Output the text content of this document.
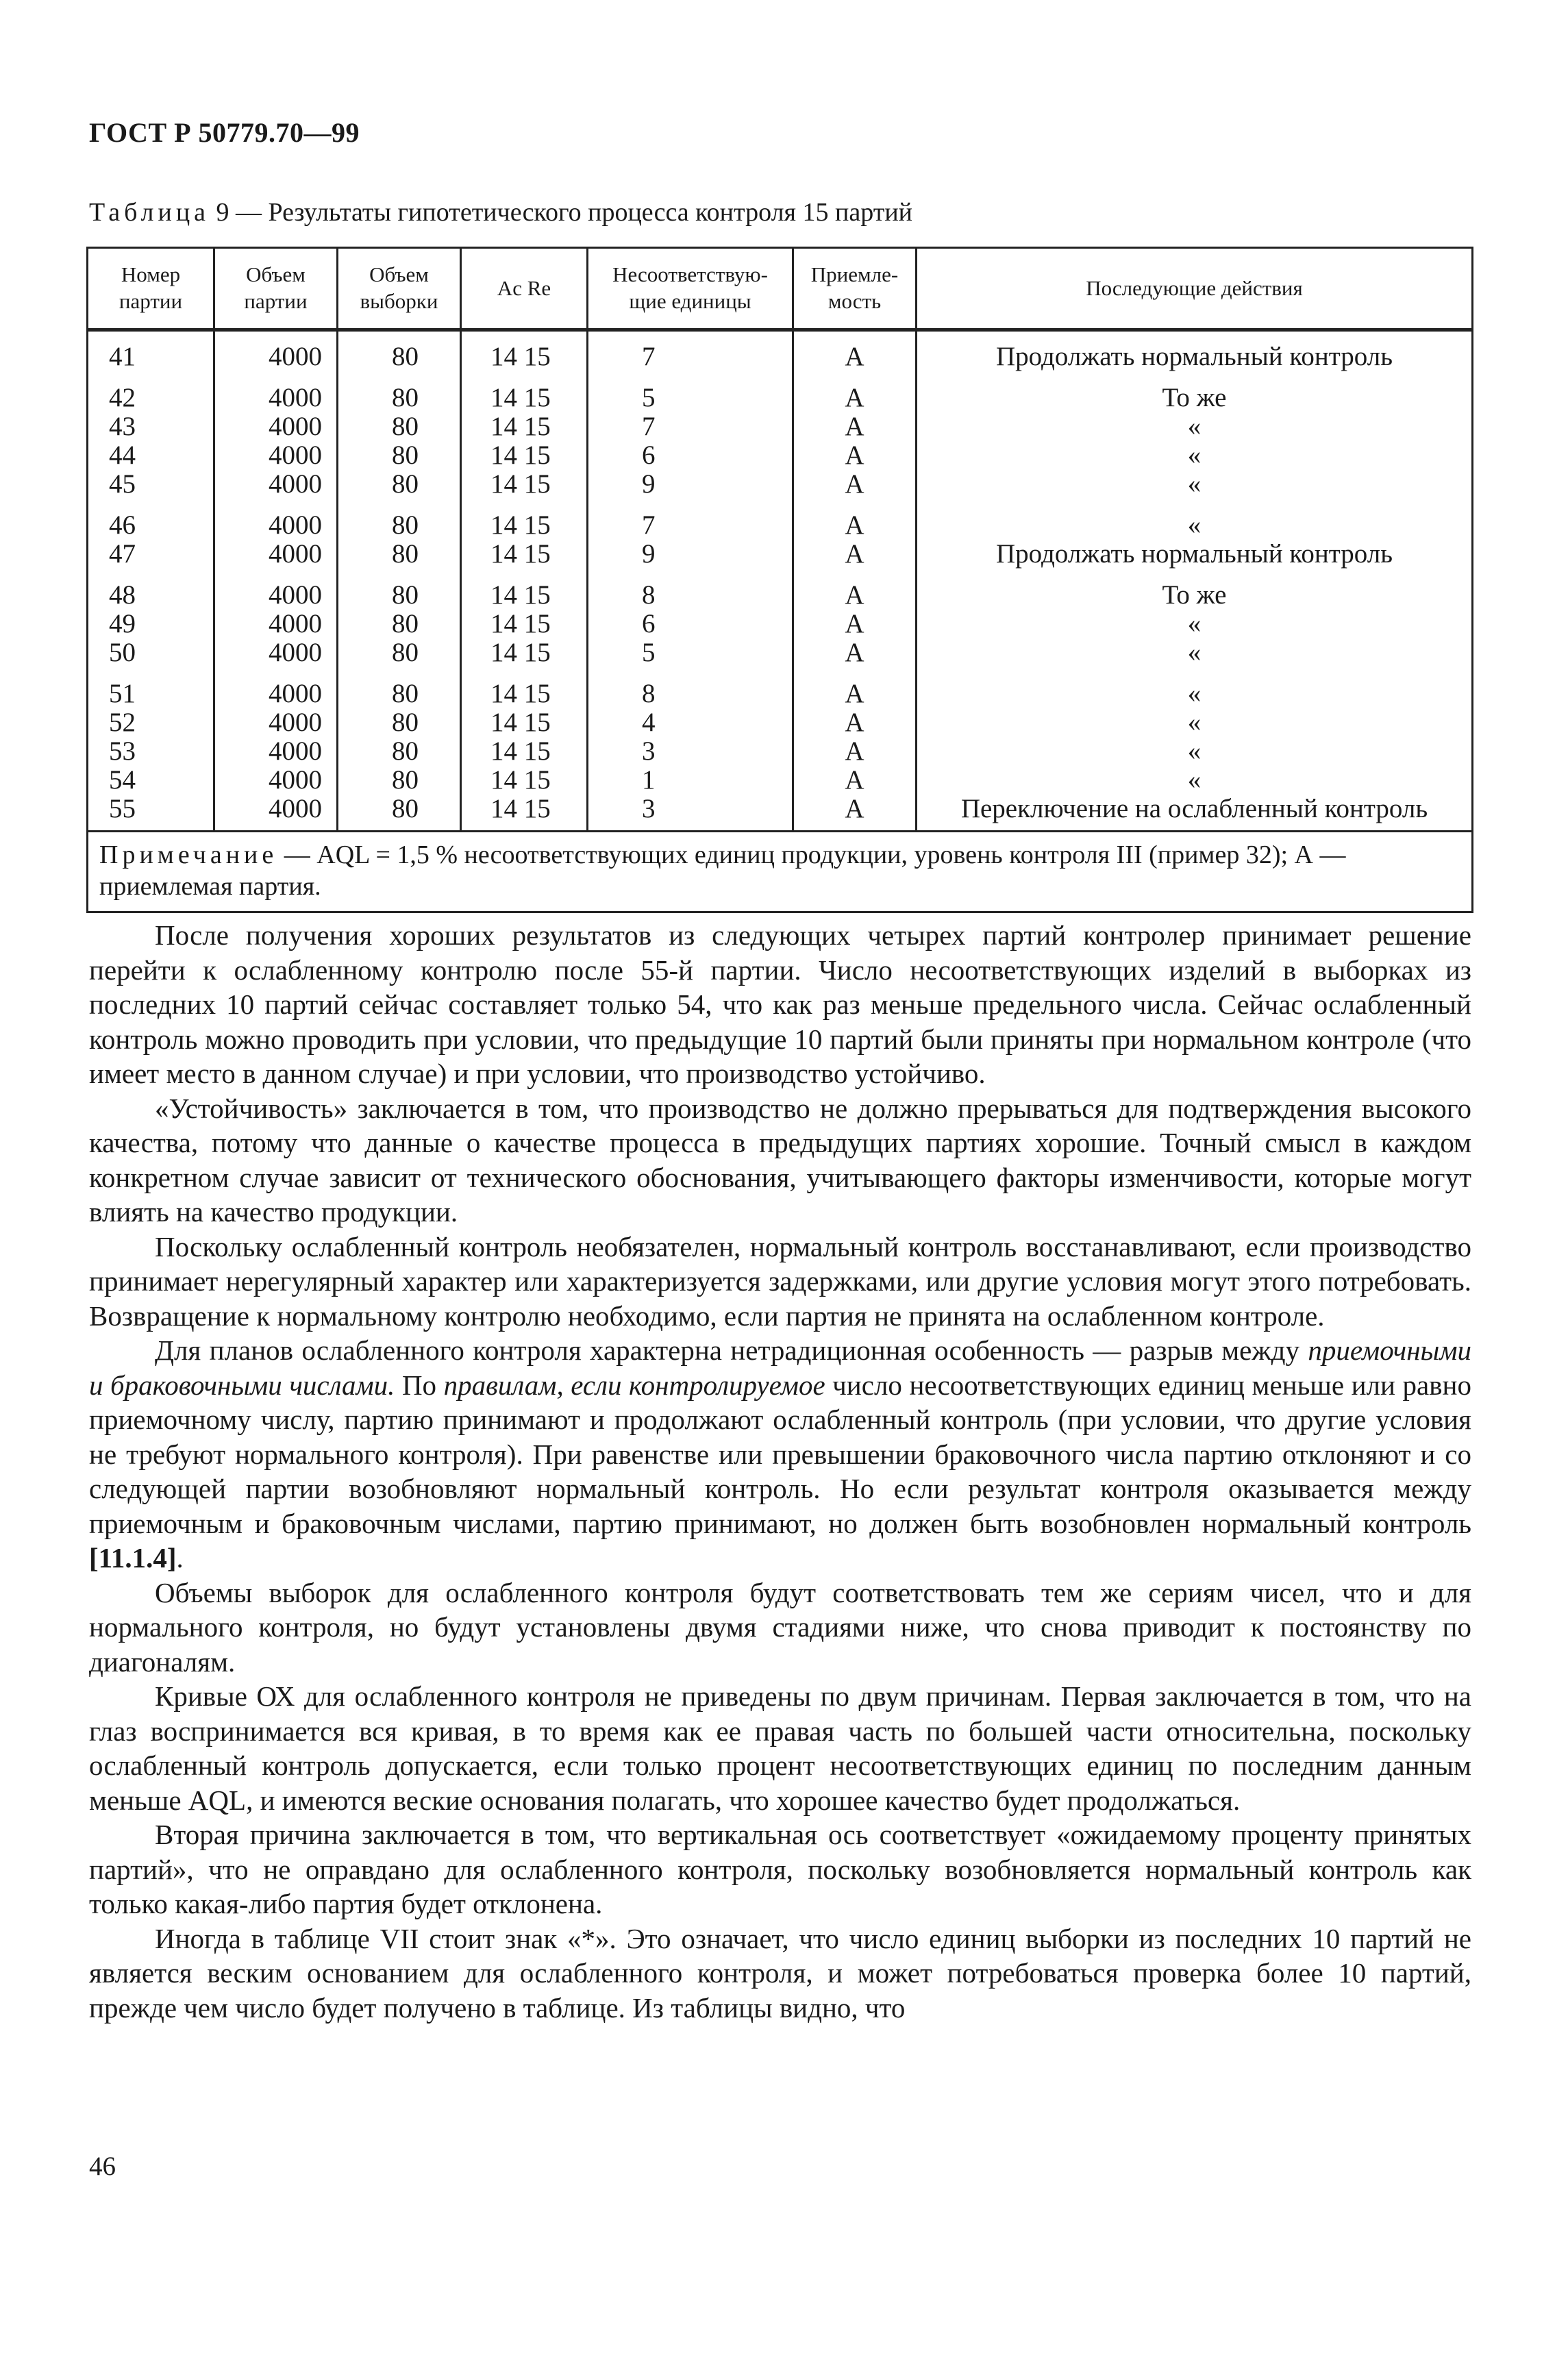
ГОСТ Р 50779.70—99
Таблица 9 — Результаты гипотетического процесса контроля 15 партий
Номер партии	Объем партии	Объем выборки	Ac Re	Несоответствую-щие единицы	Приемле-мость	Последующие действия
41	4000	80	14 15	7	A	Продолжать нормальный контроль
42	4000	80	14 15	5	A	То же
43	4000	80	14 15	7	A	«
44	4000	80	14 15	6	A	«
45	4000	80	14 15	9	A	«
46	4000	80	14 15	7	A	«
47	4000	80	14 15	9	A	Продолжать нормальный контроль
48	4000	80	14 15	8	A	То же
49	4000	80	14 15	6	A	«
50	4000	80	14 15	5	A	«
51	4000	80	14 15	8	A	«
52	4000	80	14 15	4	A	«
53	4000	80	14 15	3	A	«
54	4000	80	14 15	1	A	«
55	4000	80	14 15	3	A	Переключение на ослабленный контроль
Примечание — AQL = 1,5 % несоответствующих единиц продукции, уровень контроля III (пример 32); А — приемлемая партия.						

После получения хороших результатов из следующих четырех партий контролер принимает решение перейти к ослабленному контролю после 55-й партии. Число несоответствующих изделий в выборках из последних 10 партий сейчас составляет только 54, что как раз меньше предельного числа. Сейчас ослабленный контроль можно проводить при условии, что предыдущие 10 партий были приняты при нормальном контроле (что имеет место в данном случае) и при условии, что производство устойчиво.

«Устойчивость» заключается в том, что производство не должно прерываться для подтверждения высокого качества, потому что данные о качестве процесса в предыдущих партиях хорошие. Точный смысл в каждом конкретном случае зависит от технического обоснования, учитывающего факторы изменчивости, которые могут влиять на качество продукции.

Поскольку ослабленный контроль необязателен, нормальный контроль восстанавливают, если производство принимает нерегулярный характер или характеризуется задержками, или другие условия могут этого потребовать. Возвращение к нормальному контролю необходимо, если партия не принята на ослабленном контроле.

Для планов ослабленного контроля характерна нетрадиционная особенность — разрыв между приемочными и браковочными числами. По правилам, если контролируемое число несоответствующих единиц меньше или равно приемочному числу, партию принимают и продолжают ослабленный контроль (при условии, что другие условия не требуют нормального контроля). При равенстве или превышении браковочного числа партию отклоняют и со следующей партии возобновляют нормальный контроль. Но если результат контроля оказывается между приемочным и браковочным числами, партию принимают, но должен быть возобновлен нормальный контроль [11.1.4].

Объемы выборок для ослабленного контроля будут соответствовать тем же сериям чисел, что и для нормального контроля, но будут установлены двумя стадиями ниже, что снова приводит к постоянству по диагоналям.

Кривые ОХ для ослабленного контроля не приведены по двум причинам. Первая заключается в том, что на глаз воспринимается вся кривая, в то время как ее правая часть по большей части относительна, поскольку ослабленный контроль допускается, если только процент несоответствующих единиц по последним данным меньше AQL, и имеются веские основания полагать, что хорошее качество будет продолжаться.

Вторая причина заключается в том, что вертикальная ось соответствует «ожидаемому проценту принятых партий», что не оправдано для ослабленного контроля, поскольку возобновляется нормальный контроль как только какая-либо партия будет отклонена.

Иногда в таблице VII стоит знак «*». Это означает, что число единиц выборки из последних 10 партий не является веским основанием для ослабленного контроля, и может потребоваться проверка более 10 партий, прежде чем число будет получено в таблице. Из таблицы видно, что

46
